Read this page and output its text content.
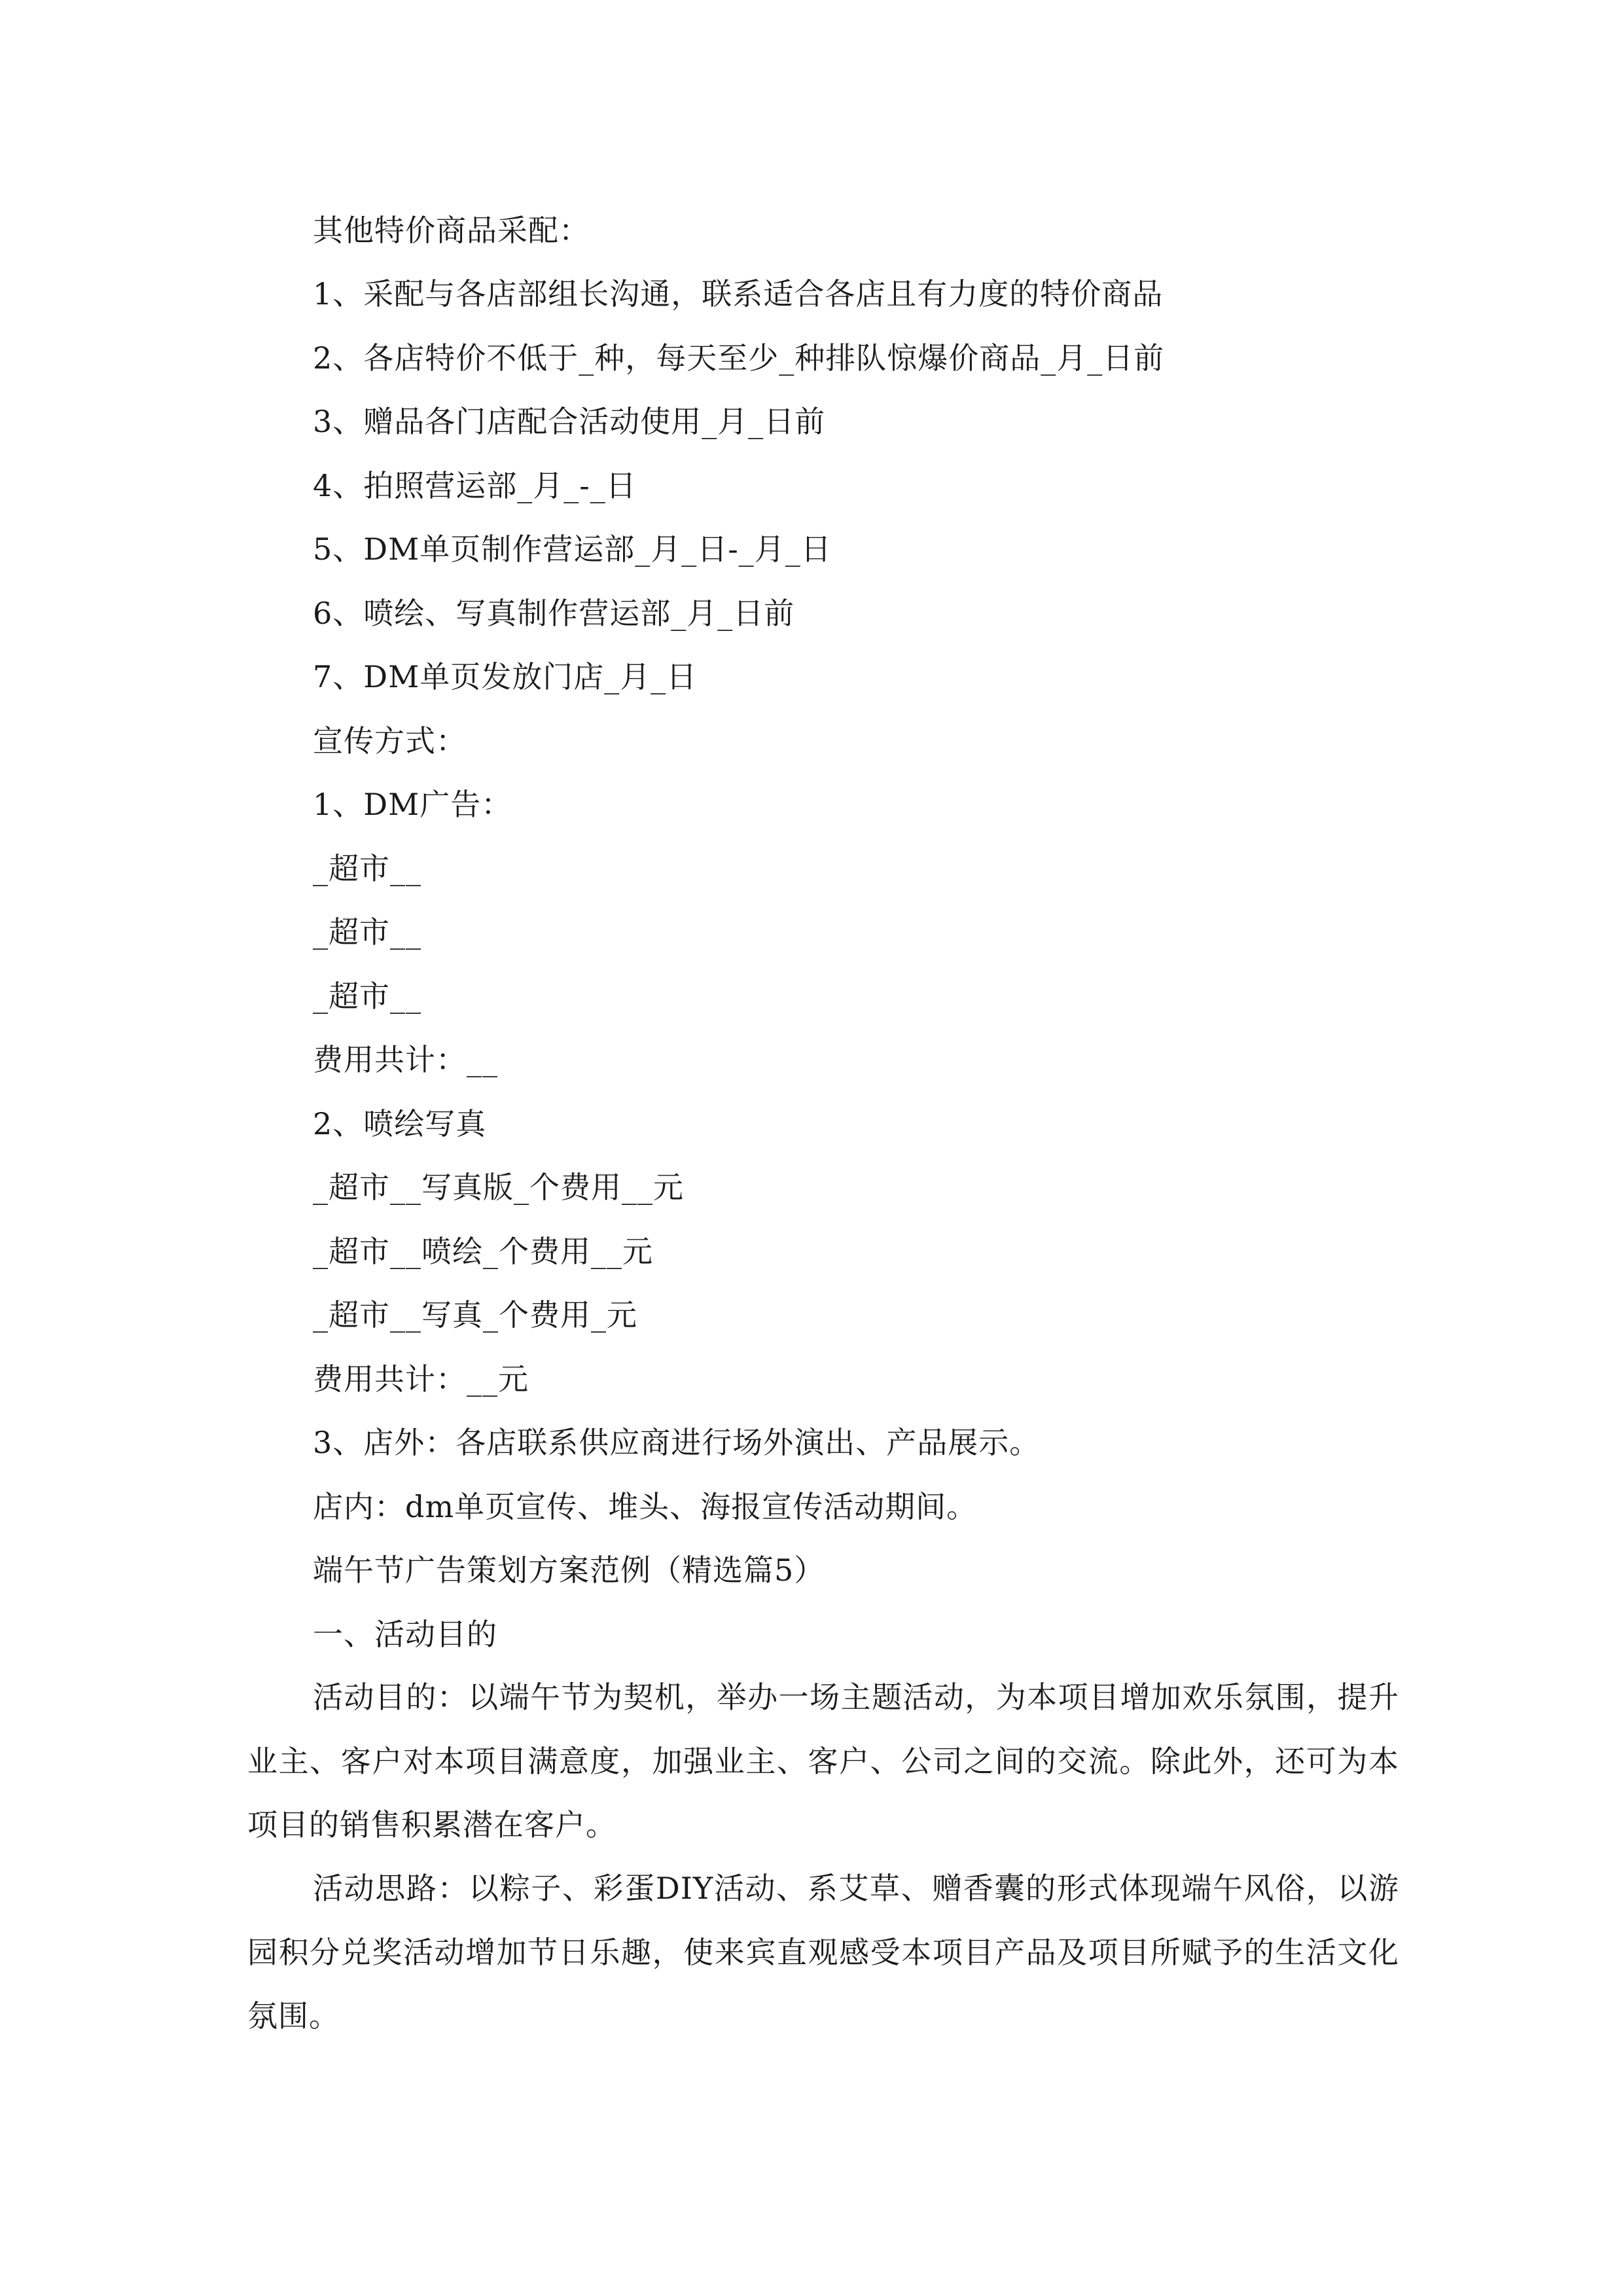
其他特价商品采配：
1、采配与各店部组长沟通，联系适合各店且有力度的特价商品
2、各店特价不低于_种，每天至少_种排队惊爆价商品_月_日前
3、赠品各门店配合活动使用_月_日前
4、拍照营运部_月_-_日
5、DM单页制作营运部_月_日-_月_日
6、喷绘、写真制作营运部_月_日前
7、DM单页发放门店_月_日
宣传方式：
1、DM广告：
_超市__
_超市__
_超市__
费用共计：__
2、喷绘写真
_超市__写真版_个费用__元
_超市__喷绘_个费用__元
_超市__写真_个费用_元
费用共计：__元
3、店外：各店联系供应商进行场外演出、产品展示。
店内：dm单页宣传、堆头、海报宣传活动期间。
端午节广告策划方案范例（精选篇5）
一、活动目的
活动目的：以端午节为契机，举办一场主题活动，为本项目增加欢乐氛围，提升业主、客户对本项目满意度，加强业主、客户、公司之间的交流。除此外，还可为本项目的销售积累潜在客户。
活动思路：以粽子、彩蛋DIY活动、系艾草、赠香囊的形式体现端午风俗，以游园积分兑奖活动增加节日乐趣，使来宾直观感受本项目产品及项目所赋予的生活文化氛围。
